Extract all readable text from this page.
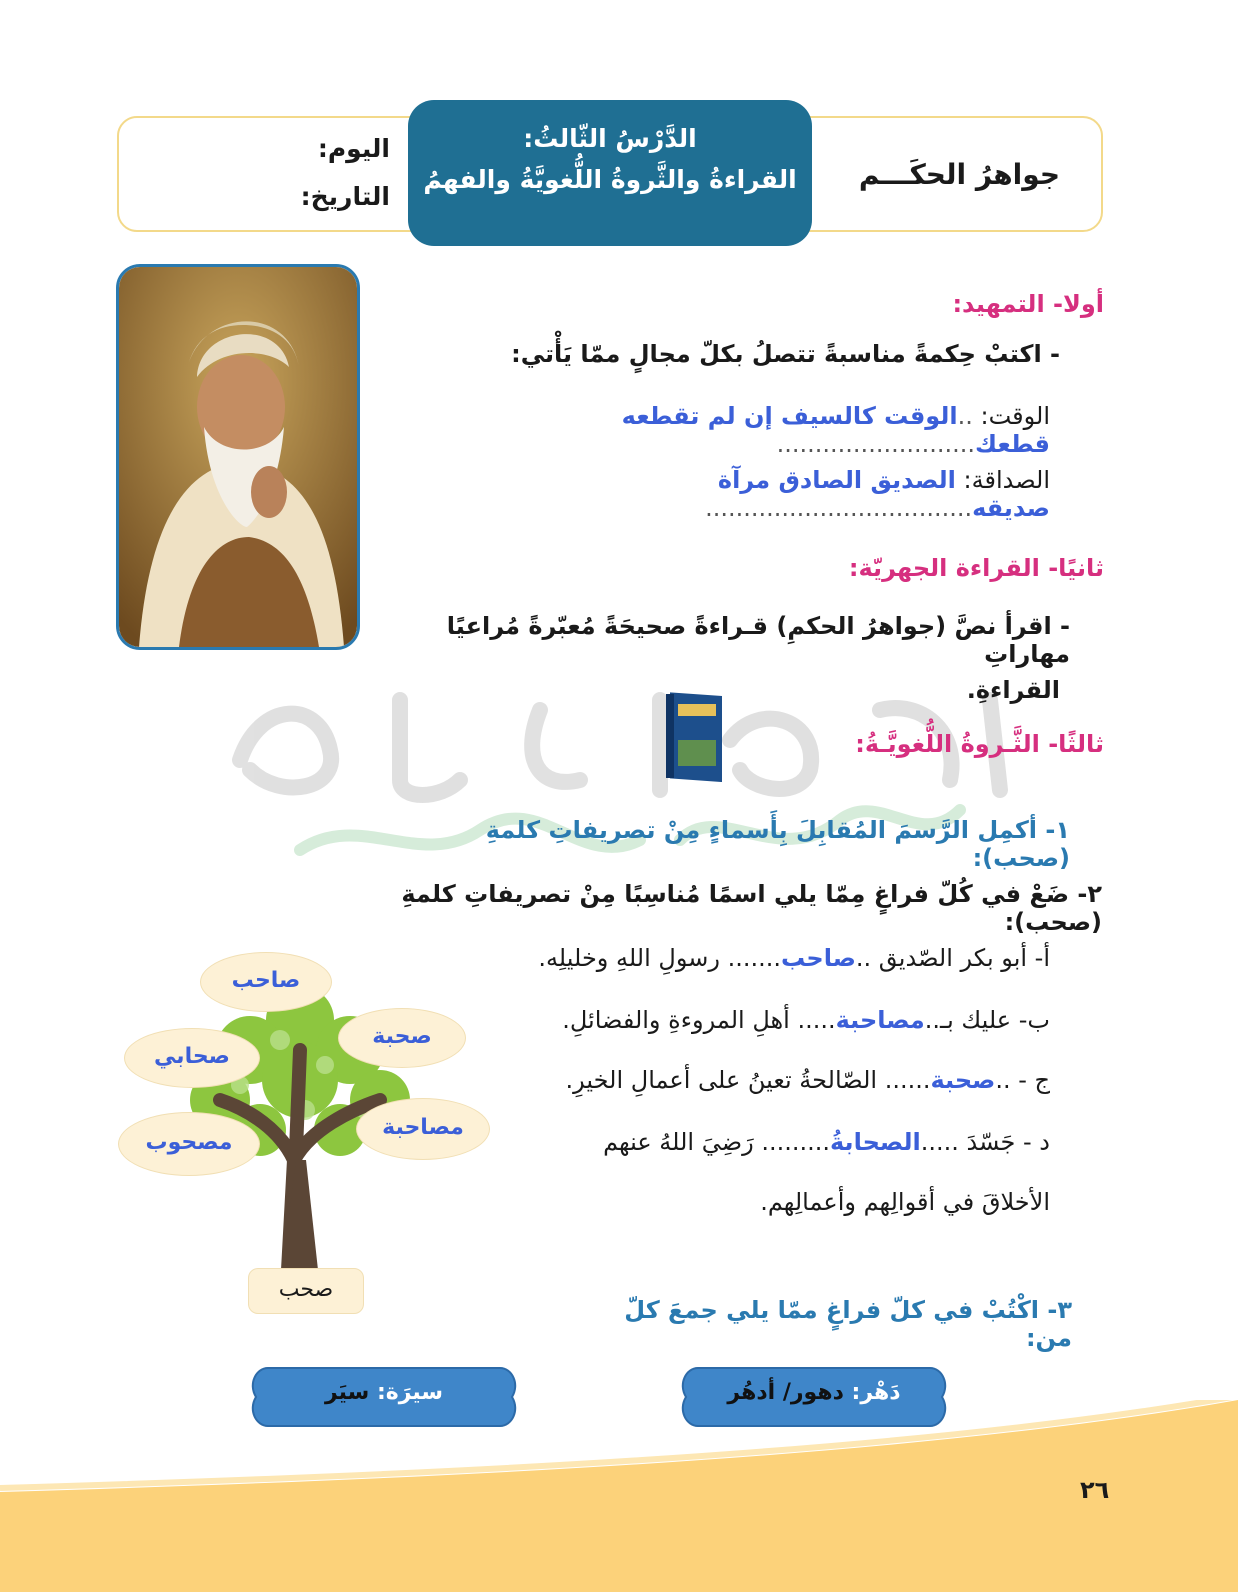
جواهرُ الحكَـــم
الدَّرْسُ الثّالثُ:
القراءةُ والثَّروةُ اللُّغويَّةُ والفهمُ
اليوم:
التاريخ:
أولا- التمهيد:
- اكتبْ حِكمةً مناسبةً تتصلُ بكلّ مجالٍ ممّا يَأْتي:
الوقت: ..الوقت كالسيف إن لم تقطعه قطعك..........................
الصداقة: الصديق الصادق مرآة صديقه...................................
ثانيًا- القراءة الجهريّة:
- اقرأ نصَّ (جواهرُ الحكمِ) قـراءةً صحيحَةً مُعبّرةً مُراعيًا مهاراتِ
القراءةِ.
ثالثًا- الثَّـروةُ اللُّغويَّـةُ:
١- أكمِل الرَّسمَ المُقابِلَ بِأَسماءٍ مِنْ تصريفاتِ كلمةِ (صحب):
٢- ضَعْ في كُلّ فراغٍ مِمّا يلي اسمًا مُناسِبًا مِنْ تصريفاتِ كلمةِ (صحب):
أ- أبو بكر الصّديق ..صاحب....... رسولِ اللهِ وخليلِه.
ب- عليك بـ..مصاحبة..... أهلِ المروءةِ والفضائلِ.
ج - ..صحبة...... الصّالحةُ تعينُ على أعمالِ الخيرِ.
د - جَسّدَ .....الصحابةُ......... رَضِيَ اللهُ عنهم
الأخلاقَ في أقوالِهم وأعمالِهم.
صاحب
صحبة
صحابي
مصاحبة
مصحوب
صحب
٣- اكْتُبْ في كلّ فراغٍ ممّا يلي جمعَ كلّ من:
دَهْر: دهور/ أدهُر
سيرَة: سيَر
٢٦
